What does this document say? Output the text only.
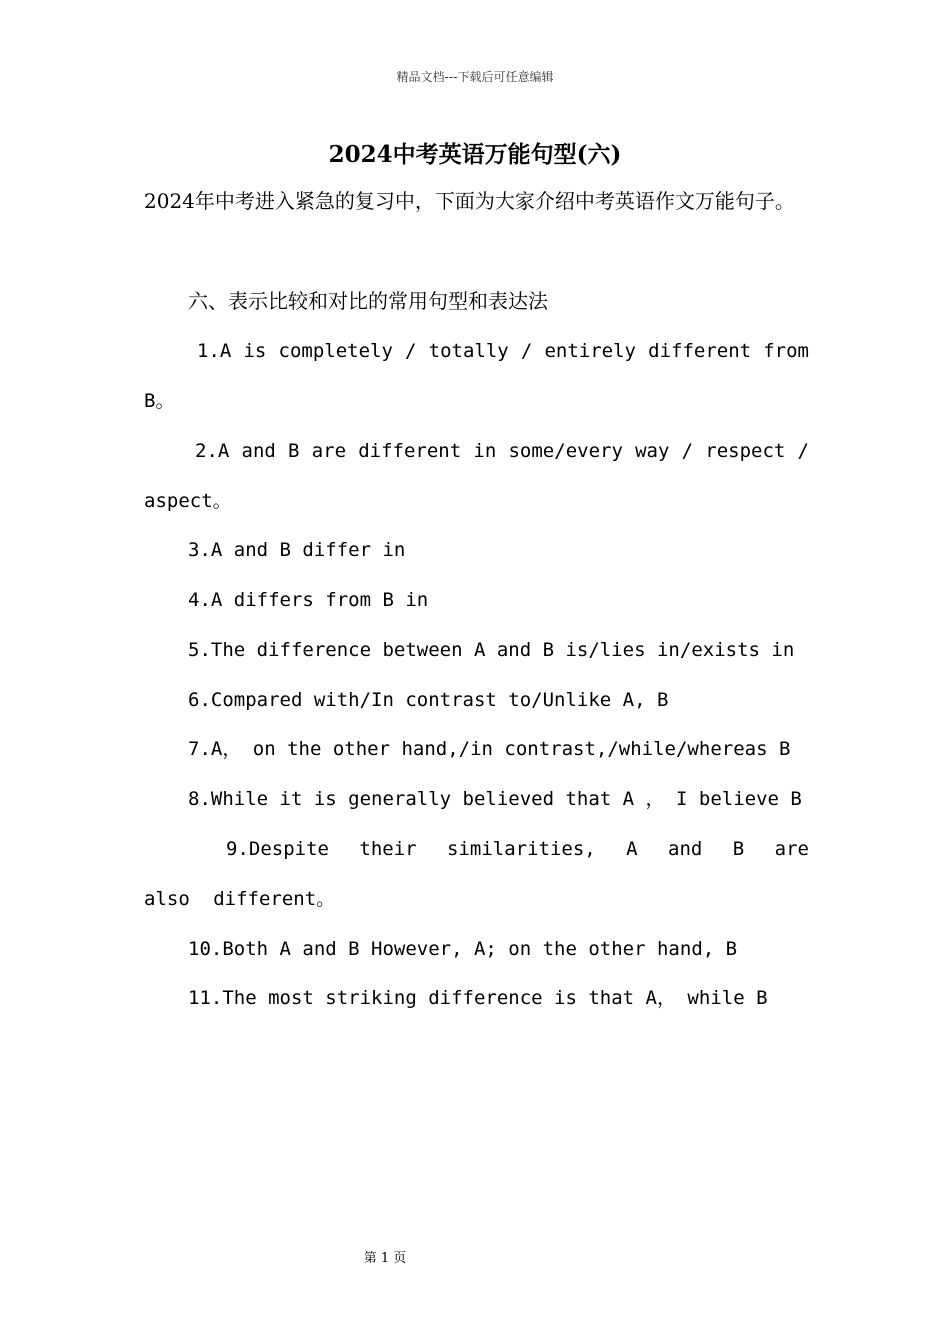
精品文档---下载后可任意编辑
2024中考英语万能句型(六)
2024年中考进入紧急的复习中，下面为大家介绍中考英语作文万能句子。
六、表示比较和对比的常用句型和表达法
1.A is completely / totally / entirely different from B。
2.A and B are different in some/every way / respect / aspect。
3.A and B differ in
4.A differs from B in
5.The difference between A and B is/lies in/exists in
6.Compared with/In contrast to/Unlike A, B
7.A， on the other hand,/in contrast,/while/whereas B
8.While it is generally believed that A ， I believe B
9.Despite their similarities, A and B are also different。
10.Both A and B However, A; on the other hand, B
11.The most striking difference is that A， while B
第 1 页
